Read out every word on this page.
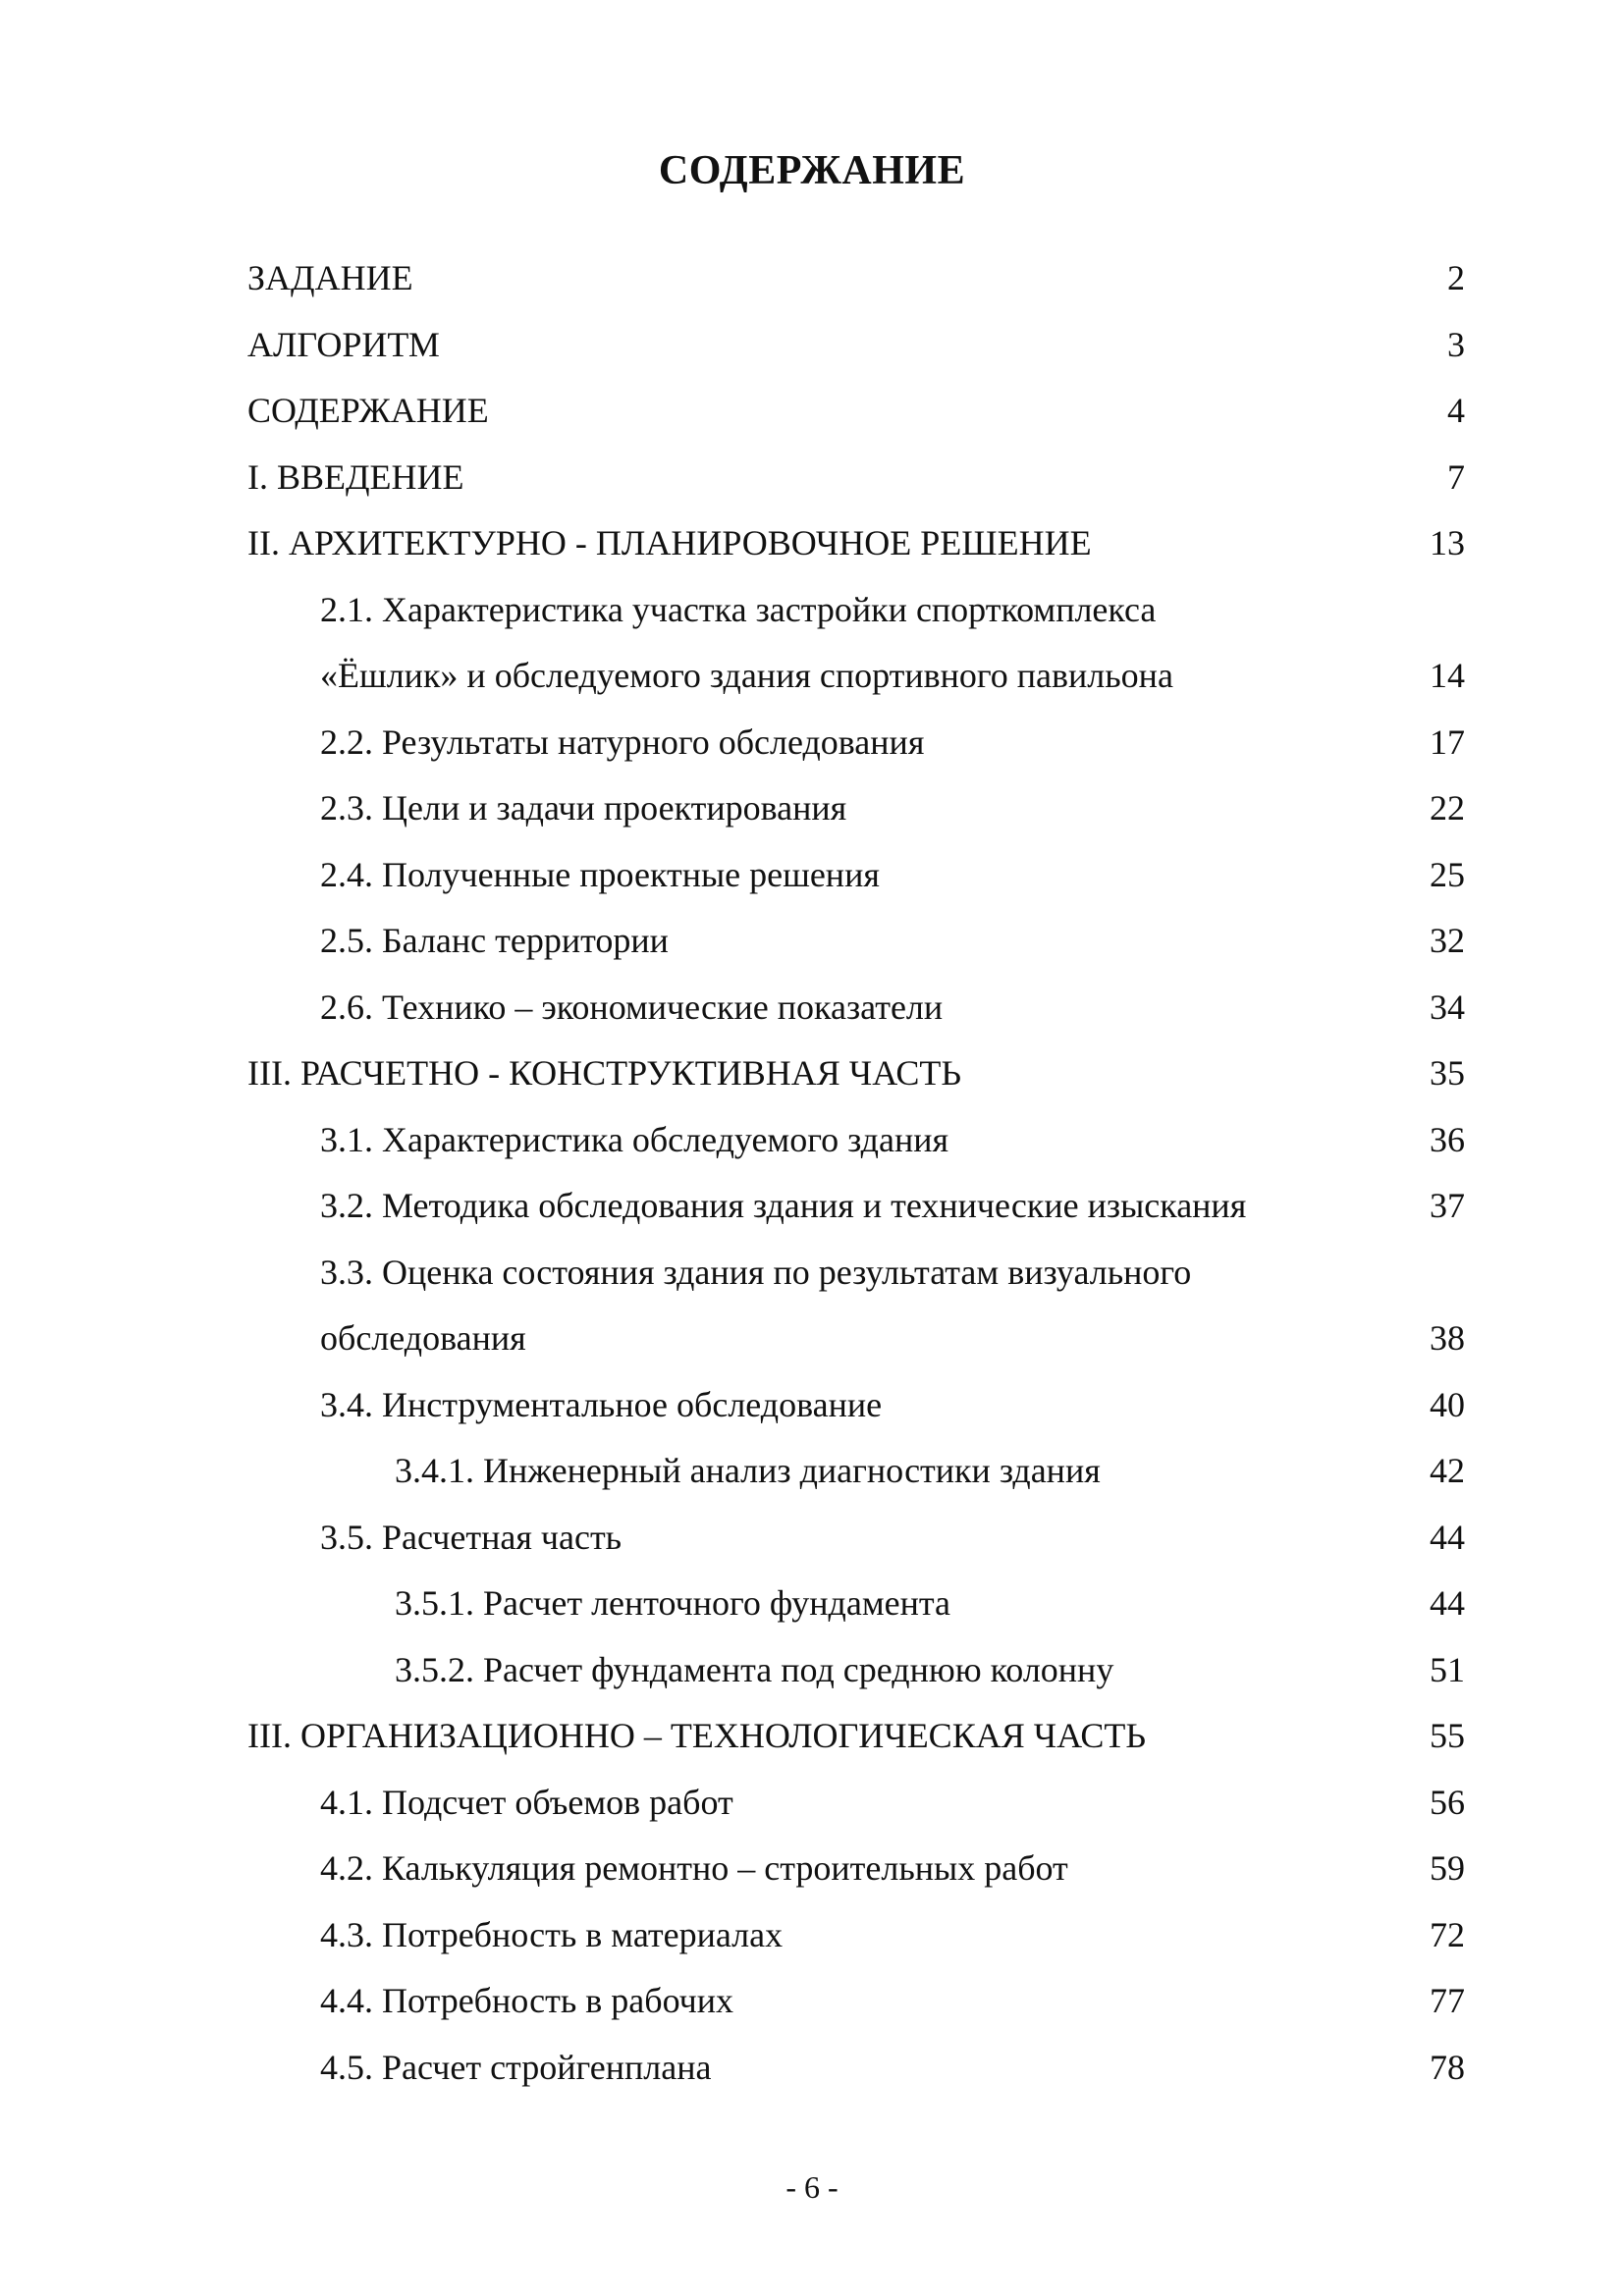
СОДЕРЖАНИЕ
ЗАДАНИЕ	2
АЛГОРИТМ	3
СОДЕРЖАНИЕ	4
I. ВВЕДЕНИЕ	7
II. АРХИТЕКТУРНО - ПЛАНИРОВОЧНОЕ РЕШЕНИЕ	13
2.1. Характеристика участка застройки спорткомплекса
«Ёшлик» и обследуемого здания спортивного павильона	14
2.2. Результаты натурного обследования	17
2.3. Цели и задачи проектирования	22
2.4. Полученные проектные решения	25
2.5. Баланс территории	32
2.6. Технико – экономические показатели	34
III. РАСЧЕТНО - КОНСТРУКТИВНАЯ ЧАСТЬ	35
3.1. Характеристика обследуемого здания	36
3.2. Методика обследования здания и технические изыскания	37
3.3. Оценка состояния здания по результатам визуального
обследования	38
3.4. Инструментальное обследование	40
3.4.1. Инженерный анализ диагностики здания	42
3.5. Расчетная часть	44
3.5.1. Расчет ленточного фундамента	44
3.5.2. Расчет фундамента под среднюю колонну	51
III. ОРГАНИЗАЦИОННО – ТЕХНОЛОГИЧЕСКАЯ ЧАСТЬ	55
4.1. Подсчет объемов работ	56
4.2. Калькуляция ремонтно – строительных работ	59
4.3. Потребность в материалах	72
4.4. Потребность в рабочих	77
4.5. Расчет стройгенплана	78
- 6 -
